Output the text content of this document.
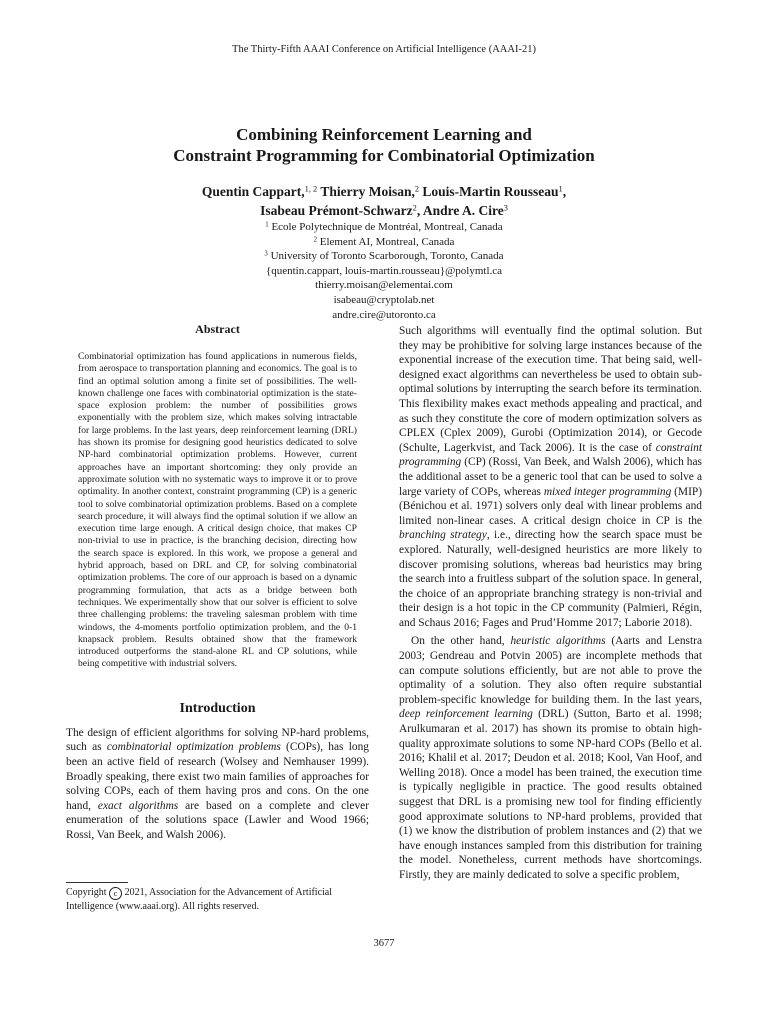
The Thirty-Fifth AAAI Conference on Artificial Intelligence (AAAI-21)
Combining Reinforcement Learning and
Constraint Programming for Combinatorial Optimization
Quentin Cappart,$^{1, 2}$ Thierry Moisan,$^2$ Louis-Martin Rousseau$^1$,
Isabeau Prémont-Schwarz$^2$, Andre A. Cire$^3$
$^1$ Ecole Polytechnique de Montréal, Montreal, Canada
$^2$ Element AI, Montreal, Canada
$^3$ University of Toronto Scarborough, Toronto, Canada
{quentin.cappart, louis-martin.rousseau}@polymtl.ca
thierry.moisan@elementai.com
isabeau@cryptolab.net
andre.cire@utoronto.ca
Abstract

Combinatorial optimization has found applications in numerous fields, from aerospace to transportation planning and economics. The goal is to find an optimal solution among a finite set of possibilities. The well-known challenge one faces with combinatorial optimization is the state-space explosion problem: the number of possibilities grows exponentially with the problem size, which makes solving intractable for large problems. In the last years, deep reinforcement learning (DRL) has shown its promise for designing good heuristics dedicated to solve NP-hard combinatorial optimization problems. However, current approaches have an important shortcoming: they only provide an approximate solution with no systematic ways to improve it or to prove optimality. In another context, constraint programming (CP) is a generic tool to solve combinatorial optimization problems. Based on a complete search procedure, it will always find the optimal solution if we allow an execution time large enough. A critical design choice, that makes CP non-trivial to use in practice, is the branching decision, directing how the search space is explored. In this work, we propose a general and hybrid approach, based on DRL and CP, for solving combinatorial optimization problems. The core of our approach is based on a dynamic programming formulation, that acts as a bridge between both techniques. We experimentally show that our solver is efficient to solve three challenging problems: the traveling salesman problem with time windows, the 4-moments portfolio optimization problem, and the 0-1 knapsack problem. Results obtained show that the framework introduced outperforms the stand-alone RL and CP solutions, while being competitive with industrial solvers.

Introduction

The design of efficient algorithms for solving NP-hard problems, such as combinatorial optimization problems (COPs), has long been an active field of research (Wolsey and Nemhauser 1999). Broadly speaking, there exist two main families of approaches for solving COPs, each of them having pros and cons. On the one hand, exact algorithms are based on a complete and clever enumeration of the solutions space (Lawler and Wood 1966; Rossi, Van Beek, and Walsh 2006).

Copyright c 2021, Association for the Advancement of Artificial Intelligence (www.aaai.org). All rights reserved.

Such algorithms will eventually find the optimal solution. But they may be prohibitive for solving large instances because of the exponential increase of the execution time. That being said, well-designed exact algorithms can nevertheless be used to obtain sub-optimal solutions by interrupting the search before its termination. This flexibility makes exact methods appealing and practical, and as such they constitute the core of modern optimization solvers as CPLEX (Cplex 2009), Gurobi (Optimization 2014), or Gecode (Schulte, Lagerkvist, and Tack 2006). It is the case of constraint programming (CP) (Rossi, Van Beek, and Walsh 2006), which has the additional asset to be a generic tool that can be used to solve a large variety of COPs, whereas mixed integer programming (MIP) (Bénichou et al. 1971) solvers only deal with linear problems and limited non-linear cases. A critical design choice in CP is the branching strategy, i.e., directing how the search space must be explored. Naturally, well-designed heuristics are more likely to discover promising solutions, whereas bad heuristics may bring the search into a fruitless subpart of the solution space. In general, the choice of an appropriate branching strategy is non-trivial and their design is a hot topic in the CP community (Palmieri, Régin, and Schaus 2016; Fages and Prud’Homme 2017; Laborie 2018).

On the other hand, heuristic algorithms (Aarts and Lenstra 2003; Gendreau and Potvin 2005) are incomplete methods that can compute solutions efficiently, but are not able to prove the optimality of a solution. They also often require substantial problem-specific knowledge for building them. In the last years, deep reinforcement learning (DRL) (Sutton, Barto et al. 1998; Arulkumaran et al. 2017) has shown its promise to obtain high-quality approximate solutions to some NP-hard COPs (Bello et al. 2016; Khalil et al. 2017; Deudon et al. 2018; Kool, Van Hoof, and Welling 2018). Once a model has been trained, the execution time is typically negligible in practice. The good results obtained suggest that DRL is a promising new tool for finding efficiently good approximate solutions to NP-hard problems, provided that (1) we know the distribution of problem instances and (2) that we have enough instances sampled from this distribution for training the model. Nonetheless, current methods have shortcomings. Firstly, they are mainly dedicated to solve a specific problem,

3677
